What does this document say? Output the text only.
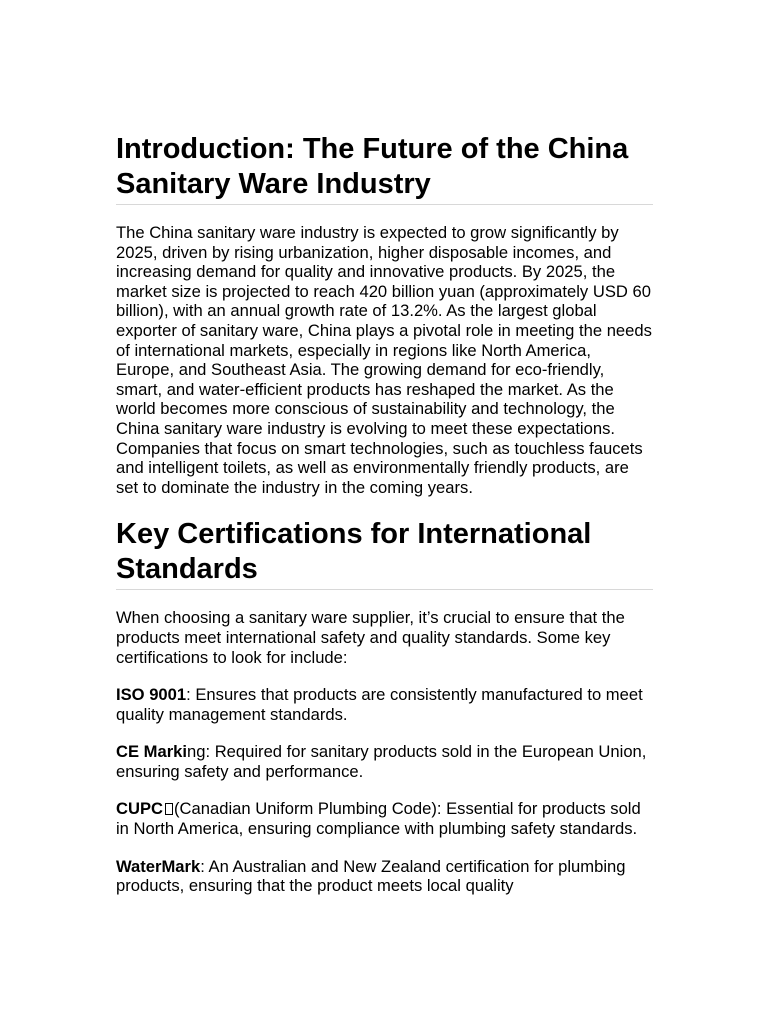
Introduction: The Future of the China Sanitary Ware Industry

The China sanitary ware industry is expected to grow significantly by 2025, driven by rising urbanization, higher disposable incomes, and increasing demand for quality and innovative products. By 2025, the market size is projected to reach 420 billion yuan (approximately USD 60 billion), with an annual growth rate of 13.2%. As the largest global exporter of sanitary ware, China plays a pivotal role in meeting the needs of international markets, especially in regions like North America, Europe, and Southeast Asia. The growing demand for eco-friendly, smart, and water-efficient products has reshaped the market. As the world becomes more conscious of sustainability and technology, the China sanitary ware industry is evolving to meet these expectations. Companies that focus on smart technologies, such as touchless faucets and intelligent toilets, as well as environmentally friendly products, are set to dominate the industry in the coming years.

Key Certifications for International Standards

When choosing a sanitary ware supplier, it’s crucial to ensure that the products meet international safety and quality standards. Some key certifications to look for include:

ISO 9001: Ensures that products are consistently manufactured to meet quality management standards.

CE Marking: Required for sanitary products sold in the European Union, ensuring safety and performance.

CUPC (Canadian Uniform Plumbing Code): Essential for products sold in North America, ensuring compliance with plumbing safety standards.

WaterMark: An Australian and New Zealand certification for plumbing products, ensuring that the product meets local quality
